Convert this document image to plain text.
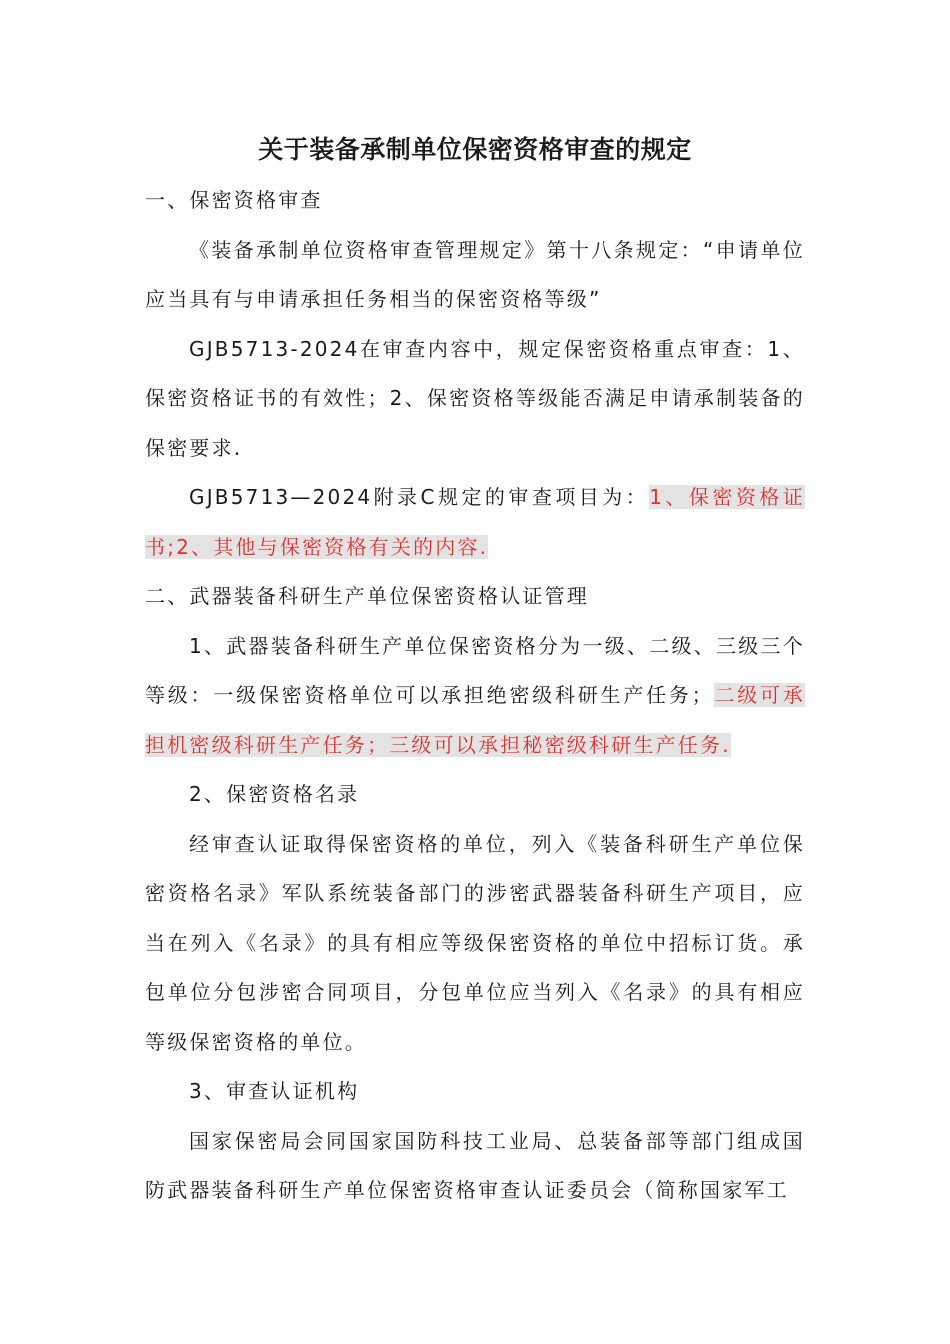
关于装备承制单位保密资格审查的规定

一、保密资格审查

《装备承制单位资格审查管理规定》第十八条规定：“申请单位应当具有与申请承担任务相当的保密资格等级”

GJB5713-2024在审查内容中，规定保密资格重点审查：1、保密资格证书的有效性；2、保密资格等级能否满足申请承制装备的保密要求.

GJB5713—2024附录C规定的审查项目为：1、保密资格证书;2、其他与保密资格有关的内容.

二、武器装备科研生产单位保密资格认证管理

1、武器装备科研生产单位保密资格分为一级、二级、三级三个等级：一级保密资格单位可以承担绝密级科研生产任务；二级可承担机密级科研生产任务；三级可以承担秘密级科研生产任务.

2、保密资格名录

经审查认证取得保密资格的单位，列入《装备科研生产单位保密资格名录》军队系统装备部门的涉密武器装备科研生产项目，应当在列入《名录》的具有相应等级保密资格的单位中招标订货。承包单位分包涉密合同项目，分包单位应当列入《名录》的具有相应等级保密资格的单位。

3、审查认证机构

国家保密局会同国家国防科技工业局、总装备部等部门组成国防武器装备科研生产单位保密资格审查认证委员会（简称国家军工
